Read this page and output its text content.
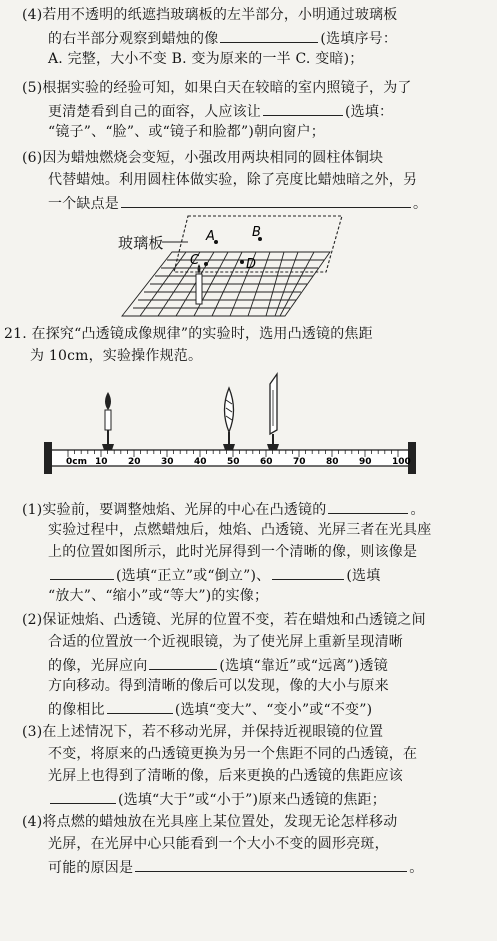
(4)若用不透明的纸遮挡玻璃板的左半部分，小明通过玻璃板
的右半部分观察到蜡烛的像	(选填序号：
A. 完整，大小不变 B. 变为原来的一半 C. 变暗)；
(5)根据实验的经验可知，如果白天在较暗的室内照镜子，为了
更清楚看到自己的面容，人应该让	(选填：
“镜子”、“脸”、或“镜子和脸都”)朝向窗户；
(6)因为蜡烛燃烧会变短，小强改用两块相同的圆柱体铜块
代替蜡烛。利用圆柱体做实验，除了亮度比蜡烛暗之外，另
一个缺点是	。
A	B
C	D
玻璃板
21. 在探究“凸透镜成像规律”的实验时，选用凸透镜的焦距
为 10cm，实验操作规范。
0cm 10 20 30 40 50 60 70 80 90 100
(1)实验前，要调整烛焰、光屏的中心在凸透镜的	。
实验过程中，点燃蜡烛后，烛焰、凸透镜、光屏三者在光具座
上的位置如图所示，此时光屏得到一个清晰的像，则该像是
(选填“正立”或“倒立”)、	(选填
“放大”、“缩小”或“等大”)的实像；
(2)保证烛焰、凸透镜、光屏的位置不变，若在蜡烛和凸透镜之间
合适的位置放一个近视眼镜，为了使光屏上重新呈现清晰
的像，光屏应向	(选填“靠近”或“远离”)透镜
方向移动。得到清晰的像后可以发现，像的大小与原来
的像相比	(选填“变大”、“变小”或“不变”)
(3)在上述情况下，若不移动光屏，并保持近视眼镜的位置
不变，将原来的凸透镜更换为另一个焦距不同的凸透镜，在
光屏上也得到了清晰的像，后来更换的凸透镜的焦距应该
(选填“大于”或“小于”)原来凸透镜的焦距；
(4)将点燃的蜡烛放在光具座上某位置处，发现无论怎样移动
光屏，在光屏中心只能看到一个大小不变的圆形亮斑，
可能的原因是	。
